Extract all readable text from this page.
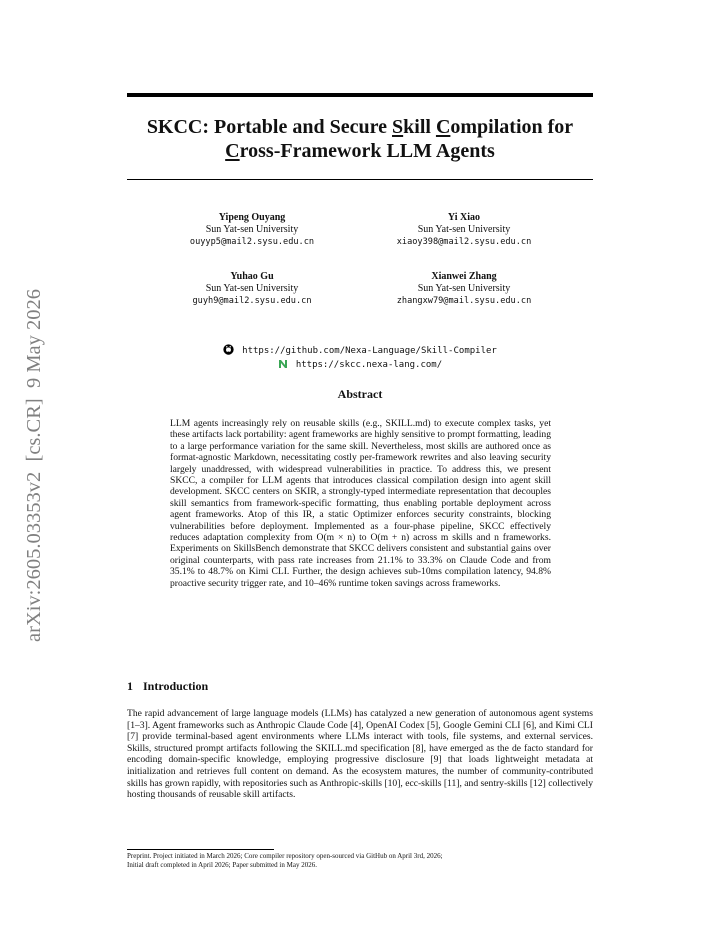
arXiv:2605.03353v2  [cs.CR]  9 May 2026
SKCC: Portable and Secure Skill Compilation for
Cross-Framework LLM Agents
Yipeng Ouyang
Sun Yat-sen University
ouyyp5@mail2.sysu.edu.cn
Yi Xiao
Sun Yat-sen University
xiaoy398@mail2.sysu.edu.cn
Yuhao Gu
Sun Yat-sen University
guyh9@mail2.sysu.edu.cn
Xianwei Zhang
Sun Yat-sen University
zhangxw79@mail.sysu.edu.cn
https://github.com/Nexa-Language/Skill-Compiler
https://skcc.nexa-lang.com/
Abstract
LLM agents increasingly rely on reusable skills (e.g., SKILL.md) to execute complex tasks, yet these artifacts lack portability: agent frameworks are highly sensitive to prompt formatting, leading to a large performance variation for the same skill. Nevertheless, most skills are authored once as format-agnostic Markdown, necessitating costly per-framework rewrites and also leaving security largely unaddressed, with widespread vulnerabilities in practice. To address this, we present SKCC, a compiler for LLM agents that introduces classical compilation design into agent skill development. SKCC centers on SKIR, a strongly-typed intermediate representation that decouples skill semantics from framework-specific formatting, thus enabling portable deployment across agent frameworks. Atop of this IR, a static Optimizer enforces security constraints, blocking vulnerabilities before deployment. Implemented as a four-phase pipeline, SKCC effectively reduces adaptation complexity from O(m × n) to O(m + n) across m skills and n frameworks. Experiments on SkillsBench demonstrate that SKCC delivers consistent and substantial gains over original counterparts, with pass rate increases from 21.1% to 33.3% on Claude Code and from 35.1% to 48.7% on Kimi CLI. Further, the design achieves sub-10ms compilation latency, 94.8% proactive security trigger rate, and 10–46% runtime token savings across frameworks.
1 Introduction
The rapid advancement of large language models (LLMs) has catalyzed a new generation of autonomous agent systems [1–3]. Agent frameworks such as Anthropic Claude Code [4], OpenAI Codex [5], Google Gemini CLI [6], and Kimi CLI [7] provide terminal-based agent environments where LLMs interact with tools, file systems, and external services. Skills, structured prompt artifacts following the SKILL.md specification [8], have emerged as the de facto standard for encoding domain-specific knowledge, employing progressive disclosure [9] that loads lightweight metadata at initialization and retrieves full content on demand. As the ecosystem matures, the number of community-contributed skills has grown rapidly, with repositories such as Anthropic-skills [10], ecc-skills [11], and sentry-skills [12] collectively hosting thousands of reusable skill artifacts.
Preprint. Project initiated in March 2026; Core compiler repository open-sourced via GitHub on April 3rd, 2026;
Initial draft completed in April 2026; Paper submitted in May 2026.
